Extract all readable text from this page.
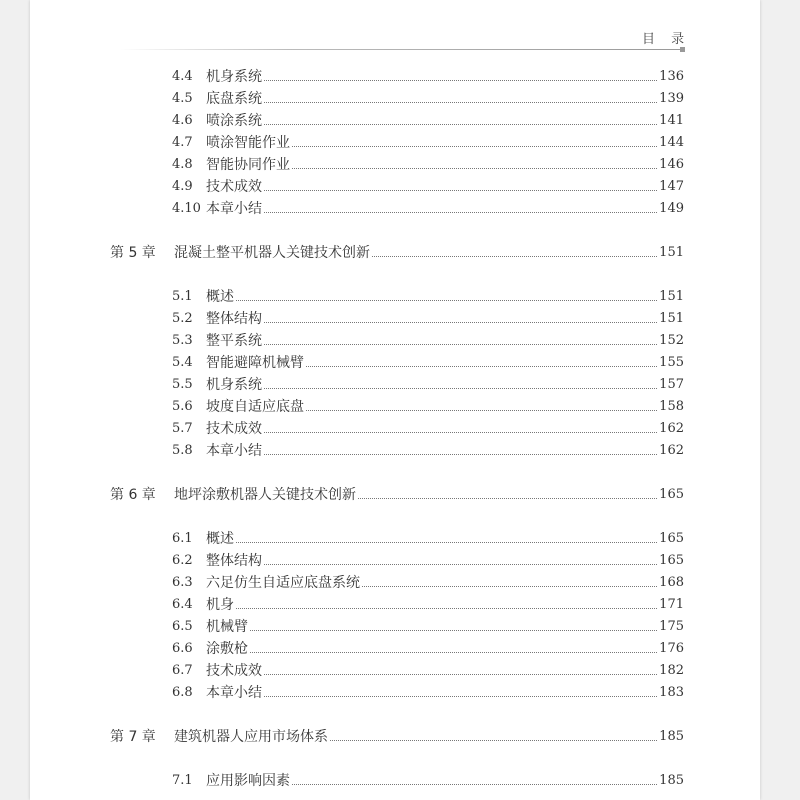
目 录
4.4 机身系统	136
4.5 底盘系统	139
4.6 喷涂系统	141
4.7 喷涂智能作业	144
4.8 智能协同作业	146
4.9 技术成效	147
4.10 本章小结	149
第 5 章	混凝土整平机器人关键技术创新	151
5.1 概述	151
5.2 整体结构	151
5.3 整平系统	152
5.4 智能避障机械臂	155
5.5 机身系统	157
5.6 坡度自适应底盘	158
5.7 技术成效	162
5.8 本章小结	162
第 6 章	地坪涂敷机器人关键技术创新	165
6.1 概述	165
6.2 整体结构	165
6.3 六足仿生自适应底盘系统	168
6.4 机身	171
6.5 机械臂	175
6.6 涂敷枪	176
6.7 技术成效	182
6.8 本章小结	183
第 7 章	建筑机器人应用市场体系	185
7.1 应用影响因素	185
